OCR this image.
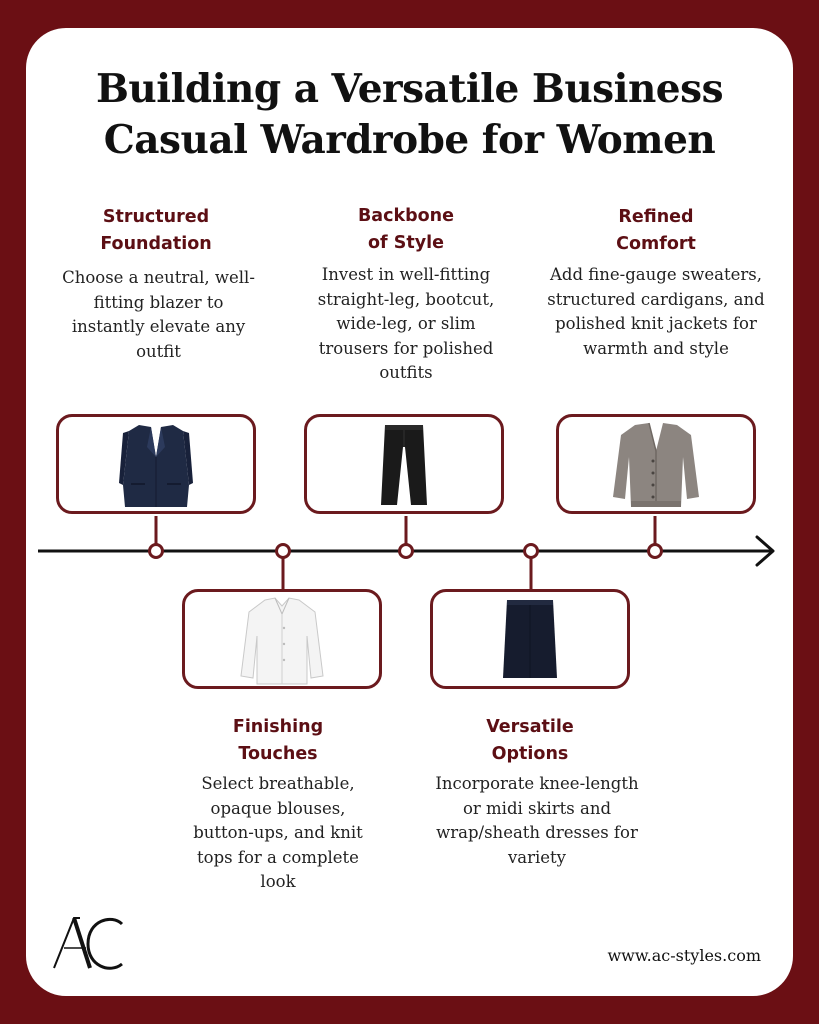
Building a Versatile Business
Casual Wardrobe for Women
Structured
Foundation

Choose a neutral, well-fitting blazer to instantly elevate any outfit

Backbone
of Style

Invest in well-fitting straight-leg, bootcut, wide-leg, or slim trousers for polished outfits

Refined
Comfort

Add fine-gauge sweaters, structured cardigans, and polished knit jackets for warmth and style

Finishing
Touches

Select breathable, opaque blouses, button-ups, and knit tops for a complete look

Versatile
Options

Incorporate knee-length or midi skirts and wrap/sheath dresses for variety

www.ac-styles.com
